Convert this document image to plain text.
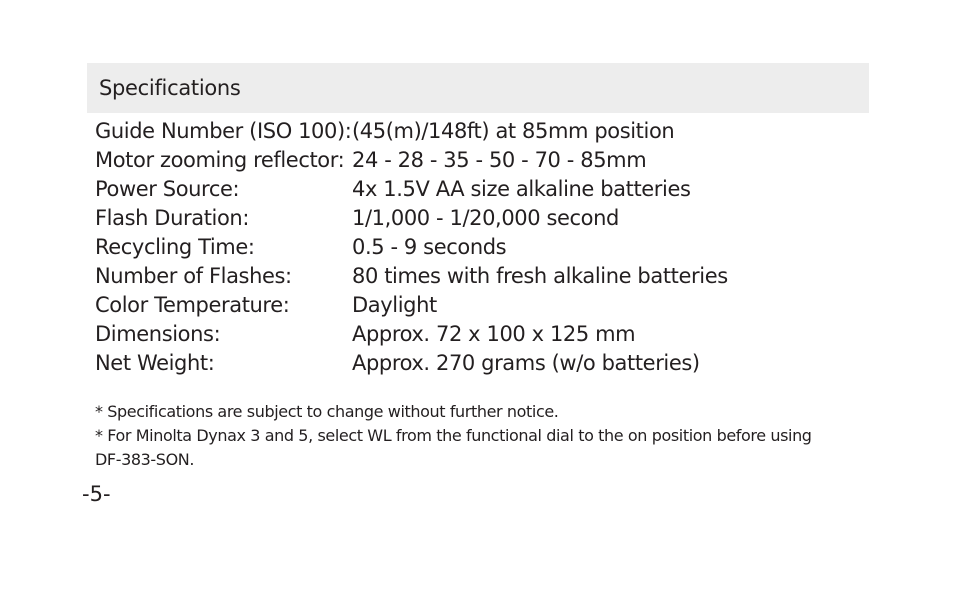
Specifications
Guide Number (ISO 100): (45(m)/148ft) at 85mm position
Motor zooming reflector: 24 - 28 - 35 - 50 - 70 - 85mm
Power Source:	4x 1.5V AA size alkaline batteries
Flash Duration:	1/1,000 - 1/20,000 second
Recycling Time:	0.5 - 9 seconds
Number of Flashes:	80 times with fresh alkaline batteries
Color Temperature:	Daylight
Dimensions:	Approx. 72 x 100 x 125 mm
Net Weight:	Approx. 270 grams (w/o batteries)
* Specifications are subject to change without further notice.
* For Minolta Dynax 3 and 5, select WL from the functional dial to the on position before using
DF-383-SON.
-5-
